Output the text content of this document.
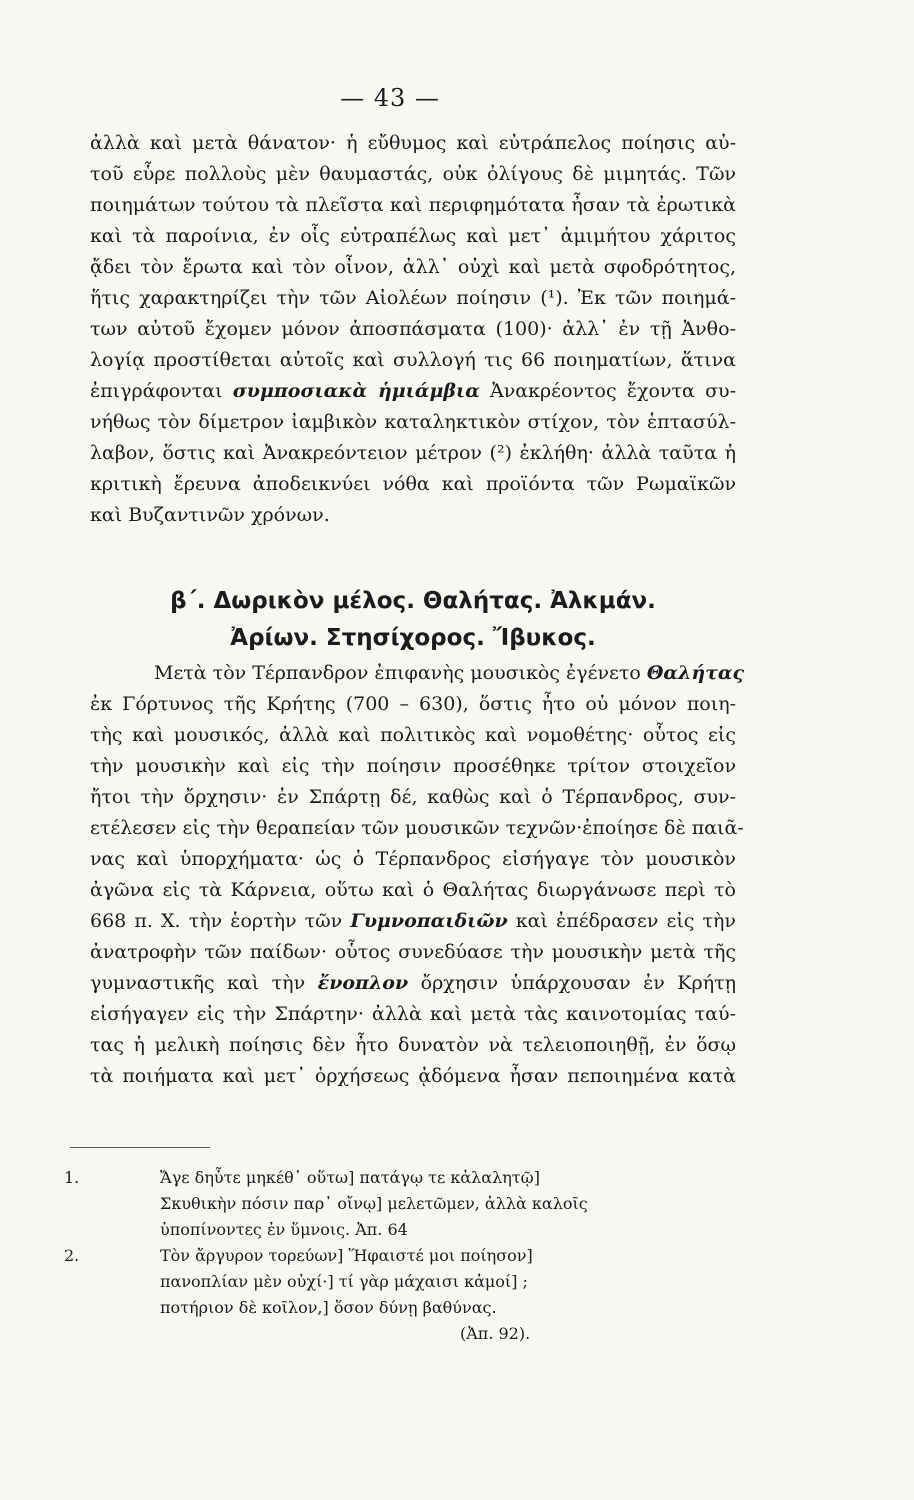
— 43 —
ἀλλὰ καὶ μετὰ θάνατον· ἡ εὔθυμος καὶ εὐτράπελος ποίησις αὐ-
τοῦ εὗρε πολλοὺς μὲν θαυμαστάς, οὐκ ὀλίγους δὲ μιμητάς. Τῶν
ποιημάτων τούτου τὰ πλεῖστα καὶ περιφημότατα ἦσαν τὰ ἐρωτικὰ
καὶ τὰ παροίνια, ἐν οἷς εὐτραπέλως καὶ μετ᾽ ἀμιμήτου χάριτος
ᾄδει τὸν ἔρωτα καὶ τὸν οἶνον, ἀλλ᾽ οὐχὶ καὶ μετὰ σφοδρότητος,
ἥτις χαρακτηρίζει τὴν τῶν Αἰολέων ποίησιν (¹). Ἐκ τῶν ποιημά-
των αὐτοῦ ἔχομεν μόνον ἀποσπάσματα (100)· ἀλλ᾽ ἐν τῇ Ἀνθο-
λογίᾳ προστίθεται αὐτοῖς καὶ συλλογή τις 66 ποιηματίων, ἅτινα
ἐπιγράφονται συμποσιακὰ ἡμιάμβια Ἀνακρέοντος ἔχοντα συ-
νήθως τὸν δίμετρον ἰαμβικὸν καταληκτικὸν στίχον, τὸν ἑπτασύλ-
λαβον, ὅστις καὶ Ἀνακρεόντειον μέτρον (²) ἐκλήθη· ἀλλὰ ταῦτα ἡ
κριτικὴ ἔρευνα ἀποδεικνύει νόθα καὶ προϊόντα τῶν Ρωμαϊκῶν
καὶ Βυζαντινῶν χρόνων.
β΄. Δωρικὸν μέλος. Θαλήτας. Ἀλκμάν.
Ἀρίων. Στησίχορος. Ἴβυκος.
Μετὰ τὸν Τέρπανδρον ἐπιφανὴς μουσικὸς ἐγένετο Θαλήτας
ἐκ Γόρτυνος τῆς Κρήτης (700 – 630), ὅστις ἦτο οὐ μόνον ποιη-
τὴς καὶ μουσικός, ἀλλὰ καὶ πολιτικὸς καὶ νομοθέτης· οὗτος εἰς
τὴν μουσικὴν καὶ εἰς τὴν ποίησιν προσέθηκε τρίτον στοιχεῖον
ἤτοι τὴν ὄρχησιν· ἐν Σπάρτῃ δέ, καθὼς καὶ ὁ Τέρπανδρος, συν-
ετέλεσεν εἰς τὴν θεραπείαν τῶν μουσικῶν τεχνῶν·ἐποίησε δὲ παιᾶ-
νας καὶ ὑπορχήματα· ὡς ὁ Τέρπανδρος εἰσήγαγε τὸν μουσικὸν
ἀγῶνα εἰς τὰ Κάρνεια, οὕτω καὶ ὁ Θαλήτας διωργάνωσε περὶ τὸ
668 π. Χ. τὴν ἑορτὴν τῶν Γυμνοπαιδιῶν καὶ ἐπέδρασεν εἰς τὴν
ἀνατροφὴν τῶν παίδων· οὗτος συνεδύασε τὴν μουσικὴν μετὰ τῆς
γυμναστικῆς καὶ τὴν ἔνοπλον ὄρχησιν ὑπάρχουσαν ἐν Κρήτῃ
εἰσήγαγεν εἰς τὴν Σπάρτην· ἀλλὰ καὶ μετὰ τὰς καινοτομίας ταύ-
τας ἡ μελικὴ ποίησις δὲν ἦτο δυνατὸν νὰ τελειοποιηθῇ, ἐν ὅσῳ
τὰ ποιήματα καὶ μετ᾽ ὀρχήσεως ᾀδόμενα ἦσαν πεποιημένα κατὰ
1.	Ἄγε δηὖτε μηκέθ᾽ οὕτω] πατάγῳ τε κἀλαλητῷ]
Σκυθικὴν πόσιν παρ᾽ οἴνῳ] μελετῶμεν, ἀλλὰ καλοῖς
ὑποπίνοντες ἐν ὕμνοις. Ἀπ. 64
2.	Τὸν ἄργυρον τορεύων] Ἥφαιστέ μοι ποίησον]
πανοπλίαν μὲν οὐχί·] τί γὰρ μάχαισι κἀμοί] ;
ποτήριον δὲ κοῖλον,] ὅσον δύνῃ βαθύνας.
(Ἀπ. 92).
